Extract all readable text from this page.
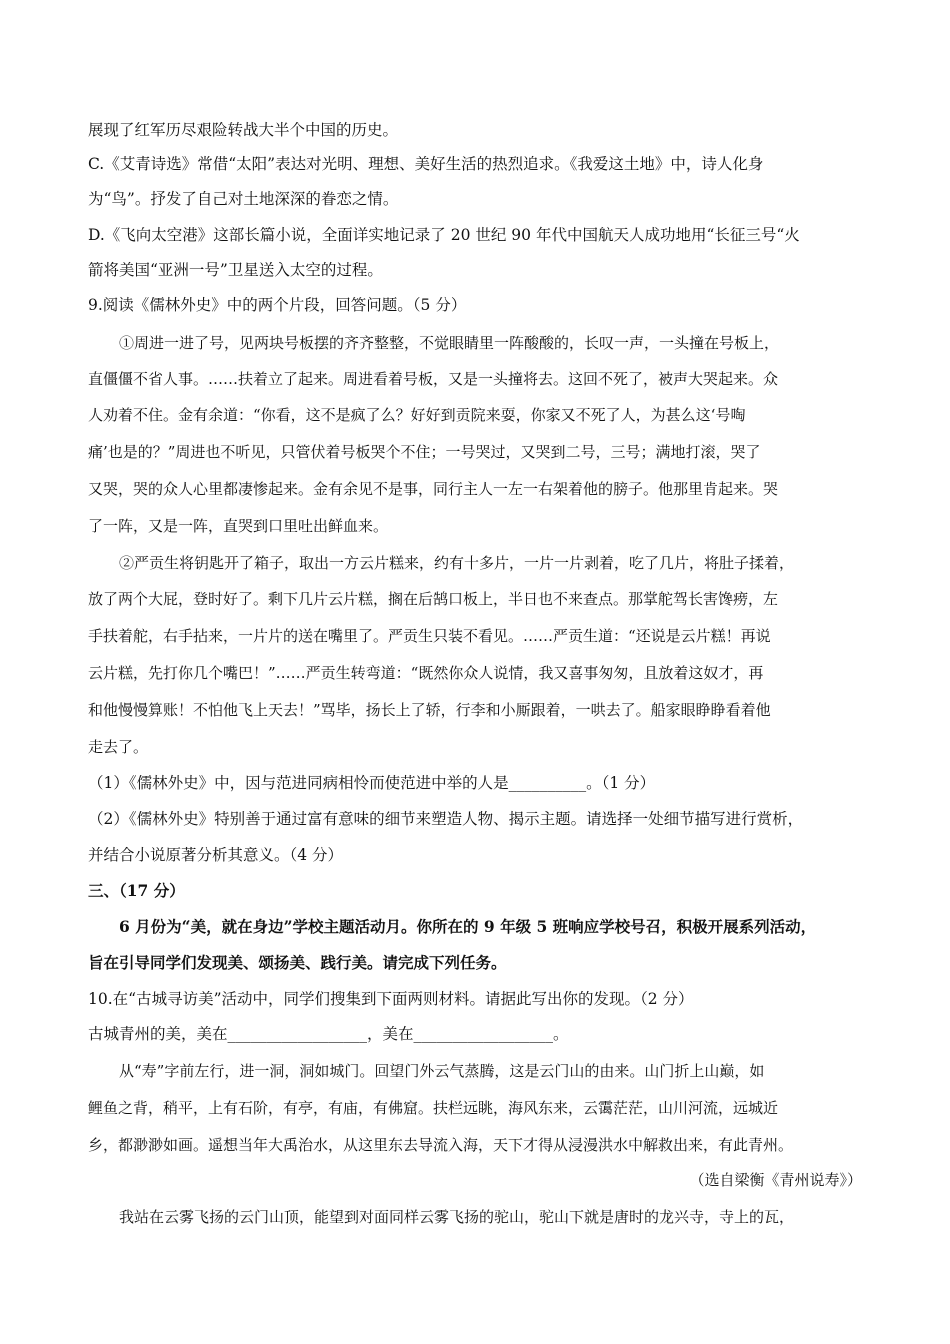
展现了红军历尽艰险转战大半个中国的历史。

C.《艾青诗选》常借“太阳”表达对光明、理想、美好生活的热烈追求。《我爱这土地》中，诗人化身

为“鸟”。抒发了自己对土地深深的眷恋之情。

D.《飞向太空港》这部长篇小说，全面详实地记录了 20 世纪 90 年代中国航天人成功地用“长征三号“火

箭将美国“亚洲一号”卫星送入太空的过程。

9.阅读《儒林外史》中的两个片段，回答问题。（5 分）

①周进一进了号，见两块号板摆的齐齐整整，不觉眼睛里一阵酸酸的，长叹一声，一头撞在号板上，

直僵僵不省人事。……扶着立了起来。周进看着号板，又是一头撞将去。这回不死了，被声大哭起来。众

人劝着不住。金有余道：“你看，这不是疯了么？好好到贡院来耍，你家又不死了人，为甚么这‘号啕

痛’也是的？”周进也不听见，只管伏着号板哭个不住；一号哭过，又哭到二号，三号；满地打滚，哭了

又哭，哭的众人心里都凄惨起来。金有余见不是事，同行主人一左一右架着他的膀子。他那里肯起来。哭

了一阵，又是一阵，直哭到口里吐出鲜血来。

②严贡生将钥匙开了箱子，取出一方云片糕来，约有十多片，一片一片剥着，吃了几片，将肚子揉着，

放了两个大屁，登时好了。剩下几片云片糕，搁在后鹄口板上，半日也不来查点。那掌舵驾长害馋痨，左

手扶着舵，右手拈来，一片片的送在嘴里了。严贡生只装不看见。……严贡生道：“还说是云片糕！再说

云片糕，先打你几个嘴巴！”……严贡生转弯道：“既然你众人说情，我又喜事匆匆，且放着这奴才，再

和他慢慢算账！不怕他飞上天去！”骂毕，扬长上了轿，行李和小厮跟着，一哄去了。船家眼睁睁看着他

走去了。

（1）《儒林外史》中，因与范进同病相怜而使范进中举的人是__________。（1 分）

（2）《儒林外史》特别善于通过富有意味的细节来塑造人物、揭示主题。请选择一处细节描写进行赏析，

并结合小说原著分析其意义。（4 分）

三、（17 分）

6 月份为“美，就在身边”学校主题活动月。你所在的 9 年级 5 班响应学校号召，积极开展系列活动，

旨在引导同学们发现美、颂扬美、践行美。请完成下列任务。

10.在“古城寻访美”活动中，同学们搜集到下面两则材料。请据此写出你的发现。（2 分）

古城青州的美，美在__________________，美在__________________。

从“寿”字前左行，进一洞，洞如城门。回望门外云气蒸腾，这是云门山的由来。山门折上山巅，如

鲤鱼之背，稍平，上有石阶，有亭，有庙，有佛窟。扶栏远眺，海风东来，云霭茫茫，山川河流，远城近

乡，都渺渺如画。遥想当年大禹治水，从这里东去导流入海，天下才得从浸漫洪水中解救出来，有此青州。

（选自梁衡《青州说寿》）

我站在云雾飞扬的云门山顶，能望到对面同样云雾飞扬的驼山，驼山下就是唐时的龙兴寺，寺上的瓦，
